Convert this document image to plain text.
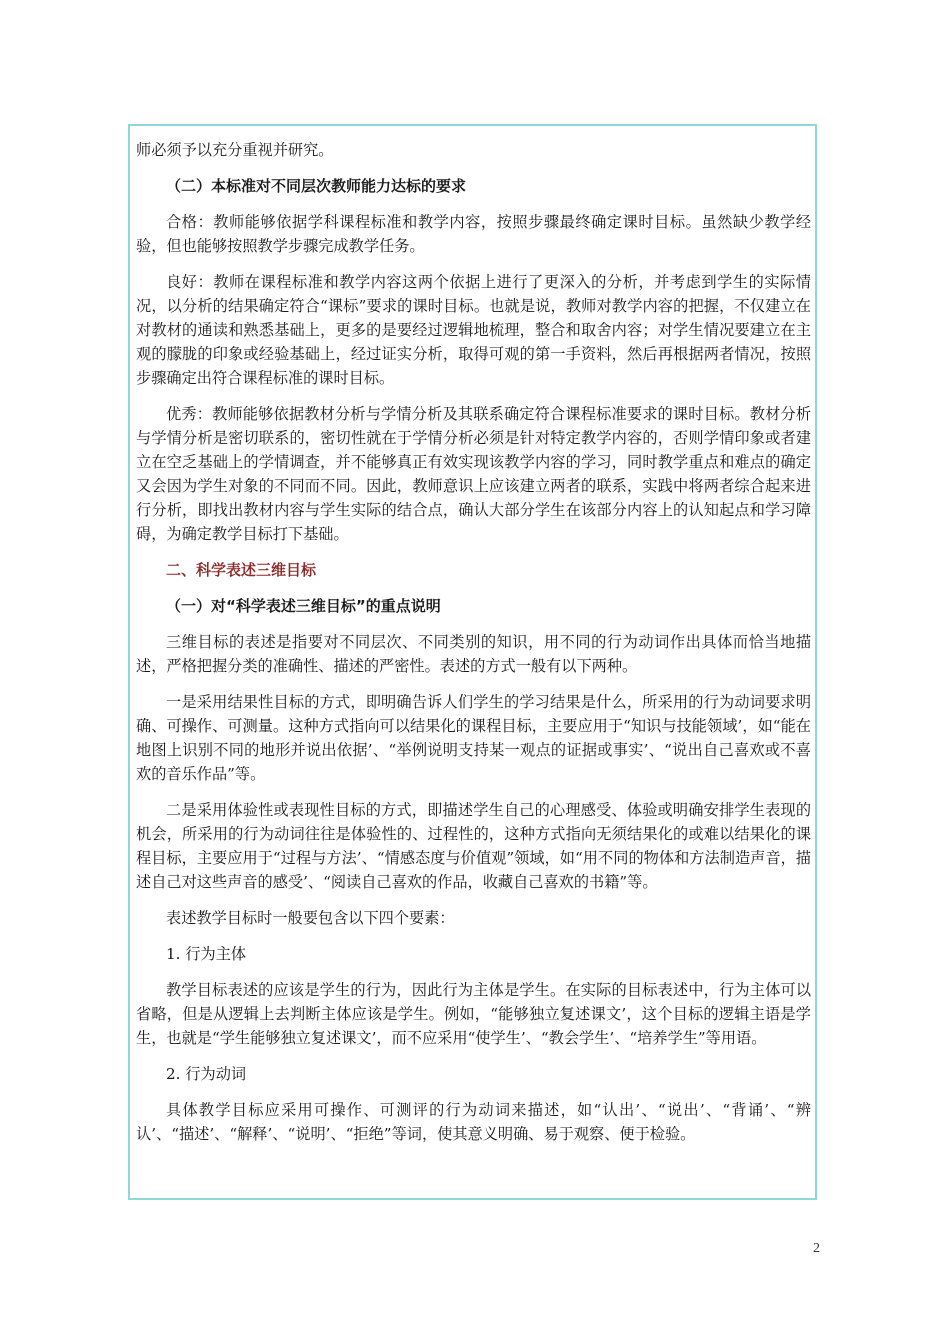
师必须予以充分重视并研究。

（二）本标准对不同层次教师能力达标的要求

合格：教师能够依据学科课程标准和教学内容，按照步骤最终确定课时目标。虽然缺少教学经验，但也能够按照教学步骤完成教学任务。

良好：教师在课程标准和教学内容这两个依据上进行了更深入的分析，并考虑到学生的实际情况，以分析的结果确定符合“课标”要求的课时目标。也就是说，教师对教学内容的把握，不仅建立在对教材的通读和熟悉基础上，更多的是要经过逻辑地梳理，整合和取舍内容；对学生情况要建立在主观的朦胧的印象或经验基础上，经过证实分析，取得可观的第一手资料，然后再根据两者情况，按照步骤确定出符合课程标准的课时目标。

优秀：教师能够依据教材分析与学情分析及其联系确定符合课程标准要求的课时目标。教材分析与学情分析是密切联系的，密切性就在于学情分析必须是针对特定教学内容的，否则学情印象或者建立在空乏基础上的学情调查，并不能够真正有效实现该教学内容的学习，同时教学重点和难点的确定又会因为学生对象的不同而不同。因此，教师意识上应该建立两者的联系，实践中将两者综合起来进行分析，即找出教材内容与学生实际的结合点，确认大部分学生在该部分内容上的认知起点和学习障碍，为确定教学目标打下基础。

二、科学表述三维目标

（一）对“科学表述三维目标”的重点说明

三维目标的表述是指要对不同层次、不同类别的知识，用不同的行为动词作出具体而恰当地描述，严格把握分类的准确性、描述的严密性。表述的方式一般有以下两种。

一是采用结果性目标的方式，即明确告诉人们学生的学习结果是什么，所采用的行为动词要求明确、可操作、可测量。这种方式指向可以结果化的课程目标，主要应用于“知识与技能领域’，如“能在地图上识别不同的地形并说出依据’、“举例说明支持某一观点的证据或事实’、“说出自己喜欢或不喜欢的音乐作品”等。

二是采用体验性或表现性目标的方式，即描述学生自己的心理感受、体验或明确安排学生表现的机会，所采用的行为动词往往是体验性的、过程性的，这种方式指向无须结果化的或难以结果化的课程目标，主要应用于“过程与方法’、“情感态度与价值观”领域，如“用不同的物体和方法制造声音，描述自己对这些声音的感受’、“阅读自己喜欢的作品，收藏自己喜欢的书籍”等。

表述教学目标时一般要包含以下四个要素：

1. 行为主体

教学目标表述的应该是学生的行为，因此行为主体是学生。在实际的目标表述中，行为主体可以省略，但是从逻辑上去判断主体应该是学生。例如，“能够独立复述课文’，这个目标的逻辑主语是学生，也就是“学生能够独立复述课文’，而不应采用“使学生’、“教会学生’、“培养学生”等用语。

2. 行为动词

具体教学目标应采用可操作、可测评的行为动词来描述，如“认出’、“说出’、“背诵’、“辨认’、“描述’、“解释’、“说明’、“拒绝”等词，使其意义明确、易于观察、便于检验。

2
